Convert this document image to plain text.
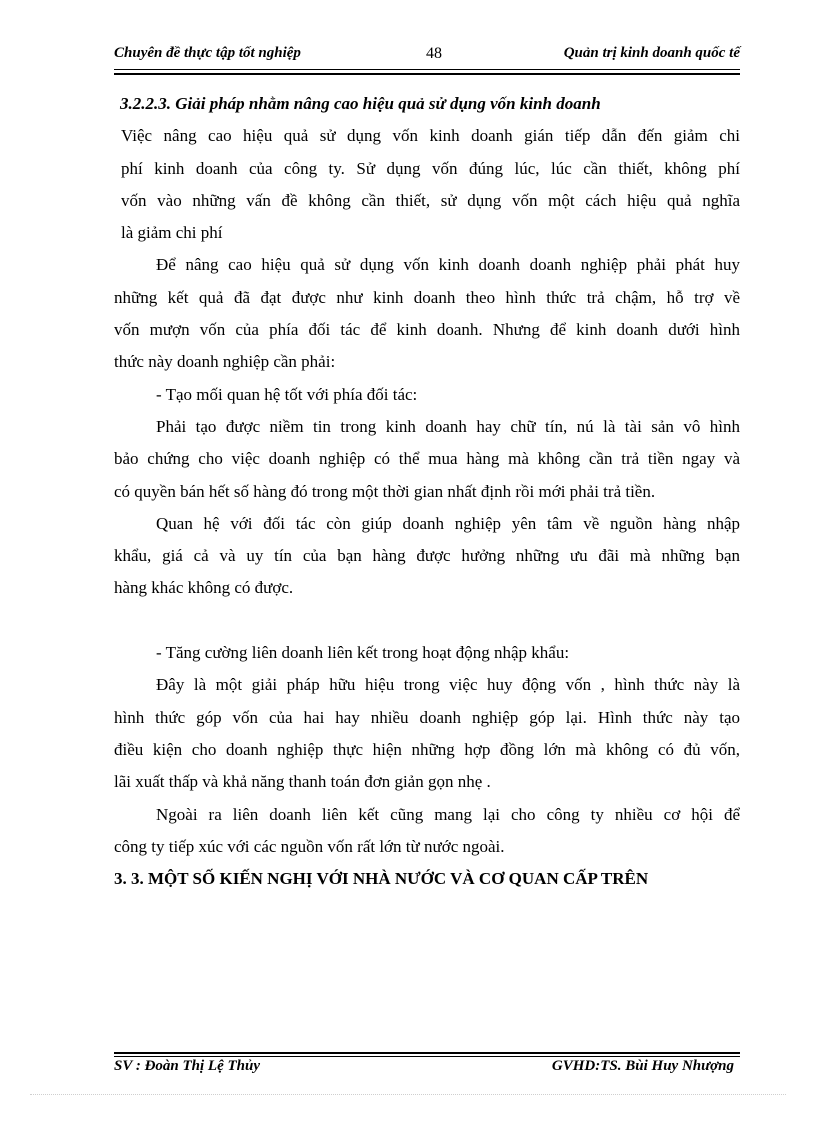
Chuyên đề thực tập tốt nghiệp	48	Quản trị kinh doanh quốc tế
3.2.2.3. Giải pháp nhằm nâng cao hiệu quả sử dụng vốn kinh doanh
Việc nâng cao hiệu quả sử dụng vốn kinh doanh gián tiếp dẫn đến giảm chi
phí kinh doanh của công ty. Sử dụng vốn đúng lúc, lúc cần thiết, không phí
vốn vào những vấn đề không cần thiết, sử dụng vốn một cách hiệu quả nghĩa
là giảm chi phí
Để nâng cao hiệu quả sử dụng vốn kinh doanh doanh nghiệp phải phát huy
những kết quả đã đạt được như kinh doanh theo hình thức trả chậm, hỗ trợ về
vốn mượn vốn của phía đối tác để kinh doanh. Nhưng để kinh doanh dưới hình
thức này doanh nghiệp cần phải:
- Tạo mối quan hệ tốt với phía đối tác:
Phải tạo được niềm tin trong kinh doanh hay chữ tín, nú là tài sản vô hình
bảo chứng cho việc doanh nghiệp có thể mua hàng mà không cần trả tiền ngay và
có quyền bán hết số hàng đó trong một thời gian nhất định rồi mới phải trả tiền.
Quan hệ với đối tác còn giúp doanh nghiệp yên tâm về nguồn hàng nhập
khẩu, giá cả và uy tín của bạn hàng được hưởng những ưu đãi mà những bạn
hàng khác không có được.
- Tăng cường liên doanh liên kết trong hoạt động nhập khẩu:
Đây là một giải pháp hữu hiệu trong việc huy động vốn , hình thức này là
hình thức góp vốn của hai hay nhiều doanh nghiệp góp lại. Hình thức này tạo
điều kiện cho doanh nghiệp thực hiện những hợp đồng lớn mà không có đủ vốn,
lãi xuất thấp và khả năng thanh toán đơn giản gọn nhẹ .
Ngoài ra liên doanh liên kết cũng mang lại cho công ty nhiều cơ hội để
công ty tiếp xúc với các nguồn vốn rất lớn từ nước ngoài.
3. 3. MỘT SỐ KIẾN NGHỊ VỚI NHÀ NƯỚC VÀ CƠ QUAN CẤP TRÊN
SV : Đoàn Thị Lệ Thủy	GVHD:TS. Bùi Huy Nhượng
